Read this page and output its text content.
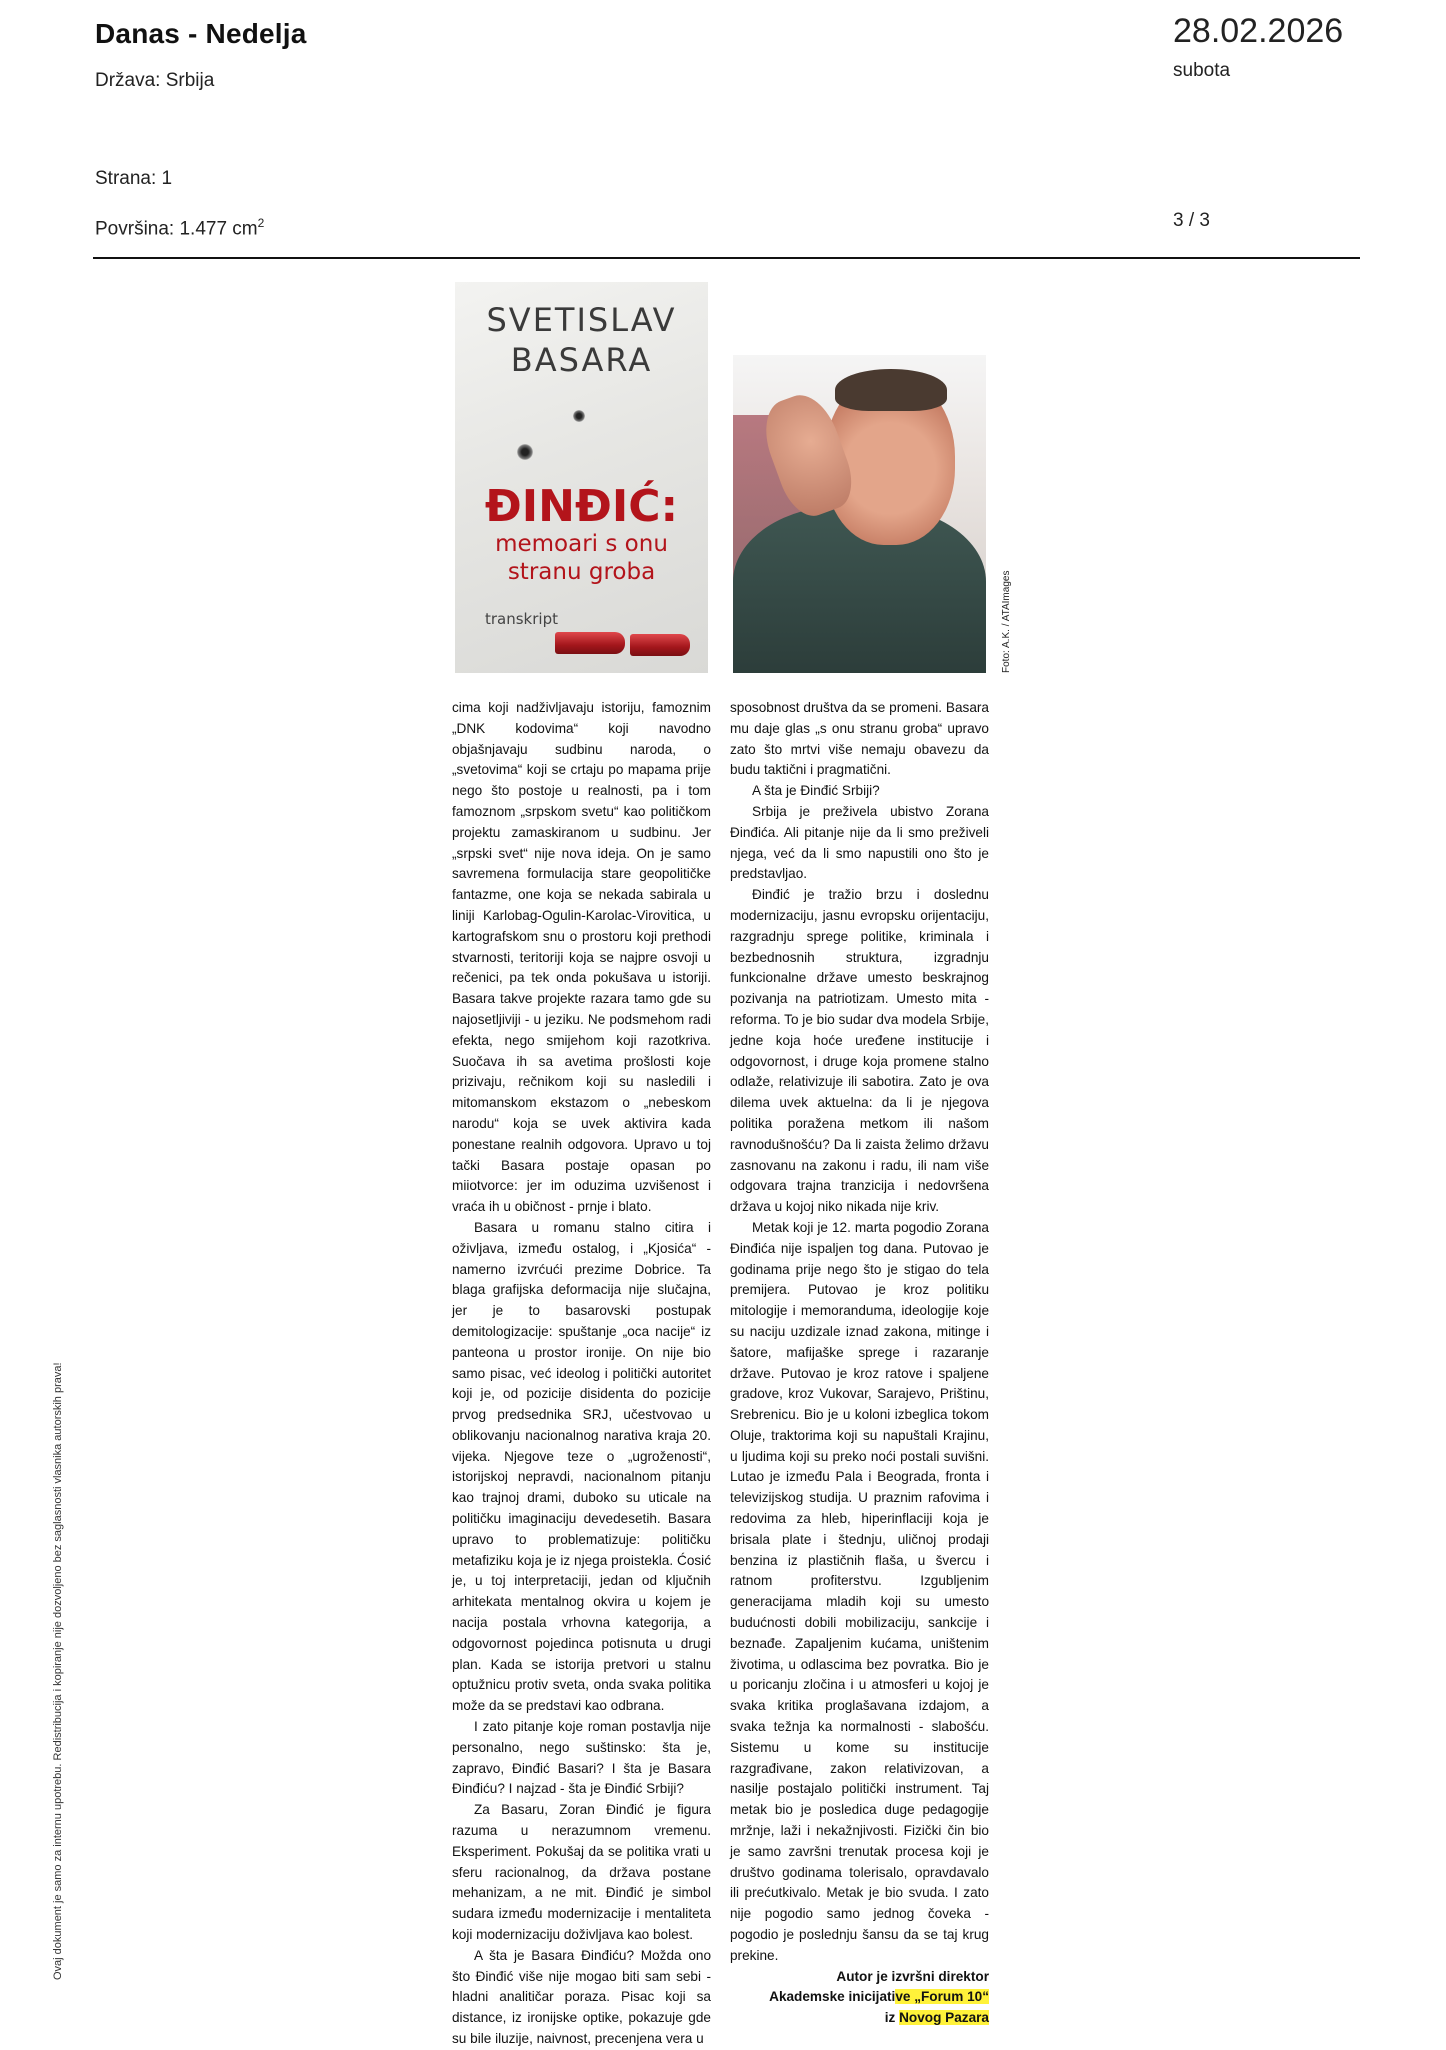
Danas - Nedelja
Država: Srbija
28.02.2026
subota
Strana: 1
Površina: 1.477 $cm^2$	3 / 3
Ovaj dokument je samo za internu upotrebu. Redistribucija i kopiranje nije dozvoljeno bez saglasnosti vlasnika autorskih prava!
SVETISLAV
BASARA
ĐINĐIĆ:
memoari s onu
stranu groba
transkript	Foto: A.K. / ATAImages

cima koji nadživljavaju istoriju, famoznim „DNK kodovima“ koji navodno objašnjavaju sudbinu naroda, o „svetovima“ koji se crtaju po mapama prije nego što postoje u realnosti, pa i tom famoznom „srpskom svetu“ kao političkom projektu zamaskiranom u sudbinu. Jer „srpski svet“ nije nova ideja. On je samo savremena formulacija stare geopolitičke fantazme, one koja se nekada sabirala u liniji Karlobag-Ogulin-Karolac-Virovitica, u kartografskom snu o prostoru koji prethodi stvarnosti, teritoriji koja se najpre osvoji u rečenici, pa tek onda pokušava u istoriji. Basara takve projekte razara tamo gde su najosetljiviji - u jeziku. Ne podsmehom radi efekta, nego smijehom koji razotkriva. Suočava ih sa avetima prošlosti koje prizivaju, rečnikom koji su nasledili i mitomanskom ekstazom o „nebeskom narodu“ koja se uvek aktivira kada ponestane realnih odgovora. Upravo u toj tački Basara postaje opasan po miiotvorce: jer im oduzima uzvišenost i vraća ih u običnost - prnje i blato.

Basara u romanu stalno citira i oživljava, između ostalog, i „Kjosića“ - namerno izvrćući prezime Dobrice. Ta blaga grafijska deformacija nije slučajna, jer je to basarovski postupak demitologizacije: spuštanje „oca nacije“ iz panteona u prostor ironije. On nije bio samo pisac, već ideolog i politički autoritet koji je, od pozicije disidenta do pozicije prvog predsednika SRJ, učestvovao u oblikovanju nacionalnog narativa kraja 20. vijeka. Njegove teze o „ugroženosti“, istorijskoj nepravdi, nacionalnom pitanju kao trajnoj drami, duboko su uticale na političku imaginaciju devedesetih. Basara upravo to problematizuje: političku metafiziku koja je iz njega proistekla. Ćosić je, u toj interpretaciji, jedan od ključnih arhitekata mentalnog okvira u kojem je nacija postala vrhovna kategorija, a odgovornost pojedinca potisnuta u drugi plan. Kada se istorija pretvori u stalnu optužnicu protiv sveta, onda svaka politika može da se predstavi kao odbrana.

I zato pitanje koje roman postavlja nije personalno, nego suštinsko: šta je, zapravo, Đinđić Basari? I šta je Basara Đinđiću? I najzad - šta je Đinđić Srbiji?

Za Basaru, Zoran Đinđić je figura razuma u nerazumnom vremenu. Eksperiment. Pokušaj da se politika vrati u sferu racionalnog, da država postane mehanizam, a ne mit. Đinđić je simbol sudara između modernizacije i mentaliteta koji modernizaciju doživljava kao bolest.

A šta je Basara Đinđiću? Možda ono što Đinđić više nije mogao biti sam sebi - hladni analitičar poraza. Pisac koji sa distance, iz ironijske optike, pokazuje gde su bile iluzije, naivnost, precenjena vera u

sposobnost društva da se promeni. Basara mu daje glas „s onu stranu groba“ upravo zato što mrtvi više nemaju obavezu da budu taktični i pragmatični.

A šta je Đinđić Srbiji?

Srbija je preživela ubistvo Zorana Đinđića. Ali pitanje nije da li smo preživeli njega, već da li smo napustili ono što je predstavljao.

Đinđić je tražio brzu i doslednu modernizaciju, jasnu evropsku orijentaciju, razgradnju sprege politike, kriminala i bezbednosnih struktura, izgradnju funkcionalne države umesto beskrajnog pozivanja na patriotizam. Umesto mita - reforma. To je bio sudar dva modela Srbije, jedne koja hoće uređene institucije i odgovornost, i druge koja promene stalno odlaže, relativizuje ili sabotira. Zato je ova dilema uvek aktuelna: da li je njegova politika poražena metkom ili našom ravnodušnošću? Da li zaista želimo državu zasnovanu na zakonu i radu, ili nam više odgovara trajna tranzicija i nedovršena država u kojoj niko nikada nije kriv.

Metak koji je 12. marta pogodio Zorana Đinđića nije ispaljen tog dana. Putovao je godinama prije nego što je stigao do tela premijera. Putovao je kroz politiku mitologije i memoranduma, ideologije koje su naciju uzdizale iznad zakona, mitinge i šatore, mafijaške sprege i razaranje države. Putovao je kroz ratove i spaljene gradove, kroz Vukovar, Sarajevo, Prištinu, Srebrenicu. Bio je u koloni izbeglica tokom Oluje, traktorima koji su napuštali Krajinu, u ljudima koji su preko noći postali suvišni. Lutao je između Pala i Beograda, fronta i televizijskog studija. U praznim rafovima i redovima za hleb, hiperinflaciji koja je brisala plate i štednju, uličnoj prodaji benzina iz plastičnih flaša, u švercu i ratnom profiterstvu. Izgubljenim generacijama mladih koji su umesto budućnosti dobili mobilizaciju, sankcije i beznađe. Zapaljenim kućama, uništenim životima, u odlascima bez povratka. Bio je u poricanju zločina i u atmosferi u kojoj je svaka kritika proglašavana izdajom, a svaka težnja ka normalnosti - slabošću. Sistemu u kome su institucije razgrađivane, zakon relativizovan, a nasilje postajalo politički instrument. Taj metak bio je posledica duge pedagogije mržnje, laži i nekažnjivosti. Fizički čin bio je samo završni trenutak procesa koji je društvo godinama tolerisalo, opravdavalo ili prećutkivalo. Metak je bio svuda. I zato nije pogodio samo jednog čoveka - pogodio je poslednju šansu da se taj krug prekine.

Autor je izvršni direktor

Akademske inicijative „Forum 10“

iz Novog Pazara
